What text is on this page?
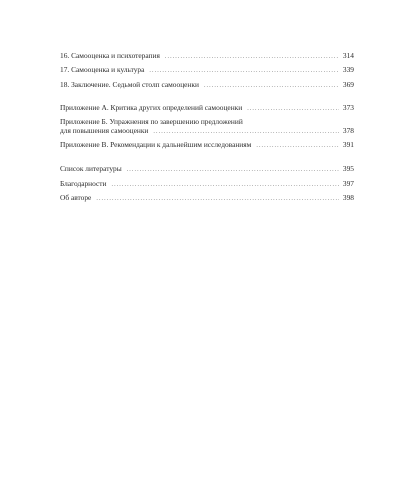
16. Самооценка и психотерапия .....	314
17. Самооценка и культура .....	339
18. Заключение. Седьмой столп самооценки .....	369
Приложение А. Критика других определений самооценки .....	373
Приложение Б. Упражнения по завершению предложений
для повышения самооценки .....	378
Приложение В. Рекомендации к дальнейшим исследованиям .....	391
Список литературы .....	395
Благодарности .....	397
Об авторе .....	398
